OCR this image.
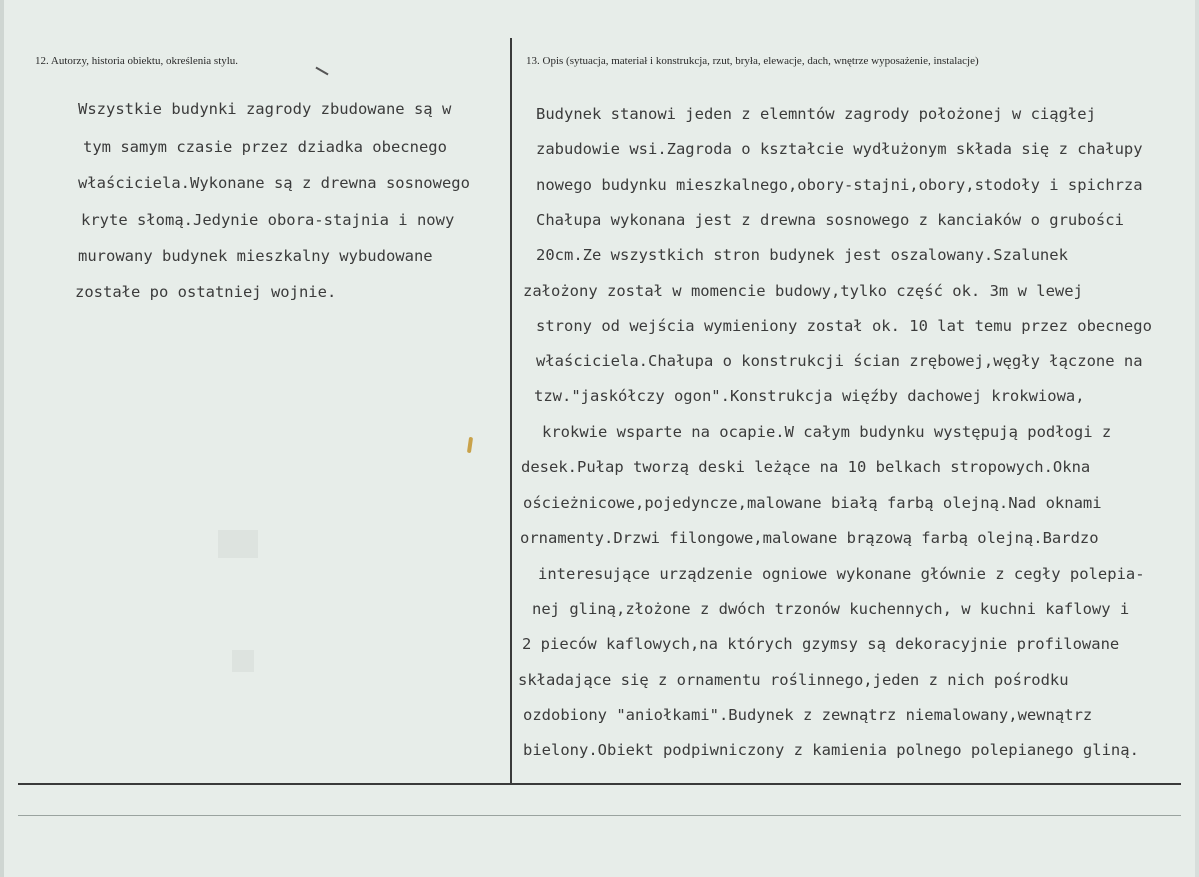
12. Autorzy, historia obiektu, określenia stylu.	13. Opis (sytuacja, materiał i konstrukcja, rzut, bryła, elewacje, dach, wnętrze wyposażenie, instalacje)
Wszystkie budynki zagrody zbudowane są w
tym samym czasie przez dziadka obecnego
właściciela.Wykonane są z drewna sosnowego
kryte słomą.Jedynie obora-stajnia i nowy
murowany budynek mieszkalny wybudowane
zostałe po ostatniej wojnie.
Budynek stanowi jeden z elemntów zagrody położonej w ciągłej
zabudowie wsi.Zagroda o kształcie wydłużonym składa się z chałupy
nowego budynku mieszkalnego,obory-stajni,obory,stodoły i spichrza
Chałupa wykonana jest z drewna sosnowego z kanciaków o grubości
20cm.Ze wszystkich stron budynek jest oszalowany.Szalunek
założony został w momencie budowy,tylko część ok. 3m w lewej
strony od wejścia wymieniony został ok. 10 lat temu przez obecnego
właściciela.Chałupa o konstrukcji ścian zrębowej,węgły łączone na
tzw."jaskółczy ogon".Konstrukcja więźby dachowej krokwiowa,
krokwie wsparte na ocapie.W całym budynku występują podłogi z
desek.Pułap tworzą deski leżące na 10 belkach stropowych.Okna
ościeżnicowe,pojedyncze,malowane białą farbą olejną.Nad oknami
ornamenty.Drzwi filongowe,malowane brązową farbą olejną.Bardzo
interesujące urządzenie ogniowe wykonane głównie z cegły polepia-
nej gliną,złożone z dwóch trzonów kuchennych, w kuchni kaflowy i
2 pieców kaflowych,na których gzymsy są dekoracyjnie profilowane
składające się z ornamentu roślinnego,jeden z nich pośrodku
ozdobiony "aniołkami".Budynek z zewnątrz niemalowany,wewnątrz
bielony.Obiekt podpiwniczony z kamienia polnego polepianego gliną.
